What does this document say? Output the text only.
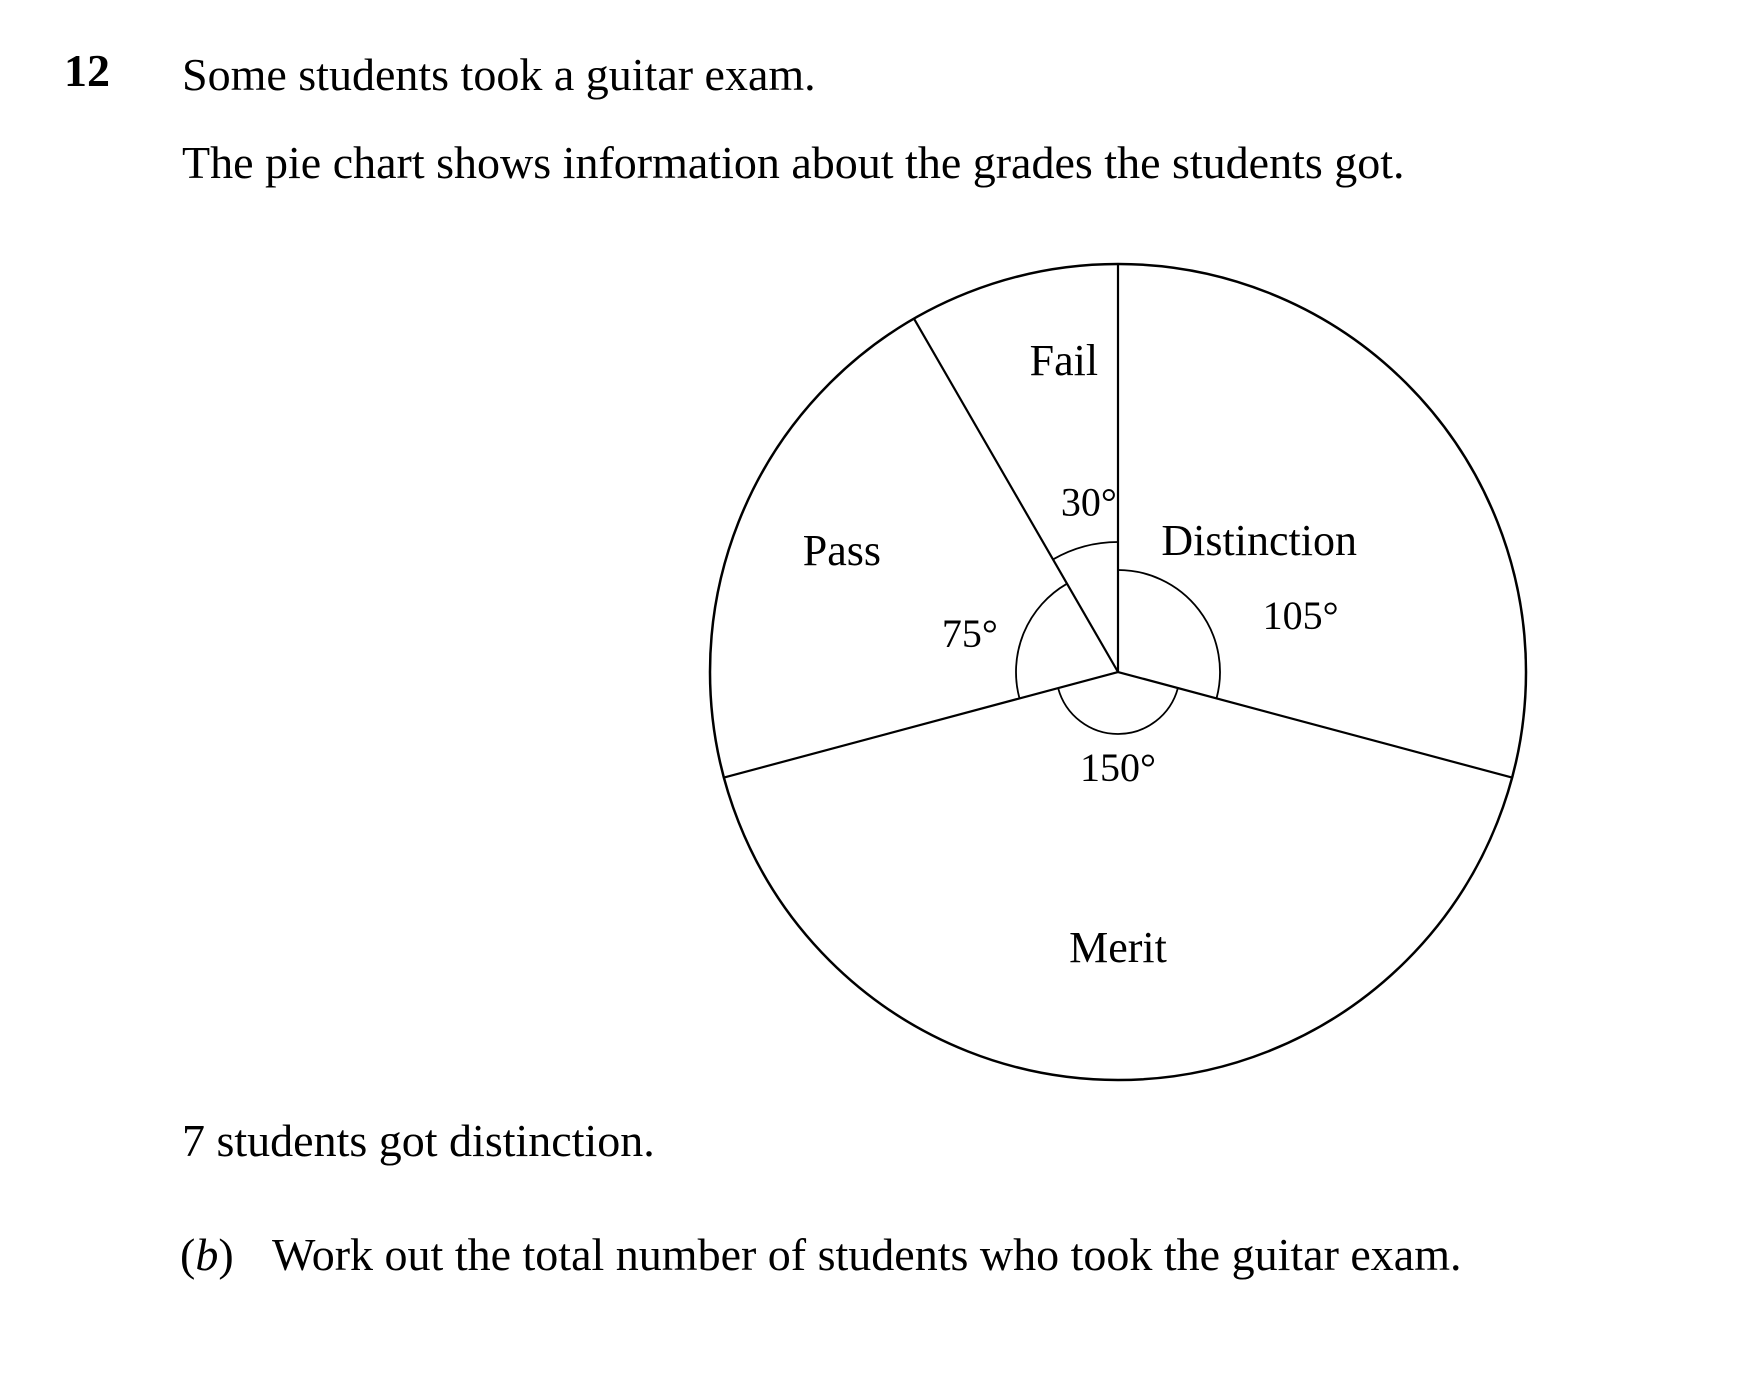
12 Some students took a guitar exam.
The pie chart shows information about the grades the students got.
Distinction
105°
Merit
150°
Pass
75°
Fail
30°
7 students got distinction.
(b) Work out the total number of students who took the guitar exam.
